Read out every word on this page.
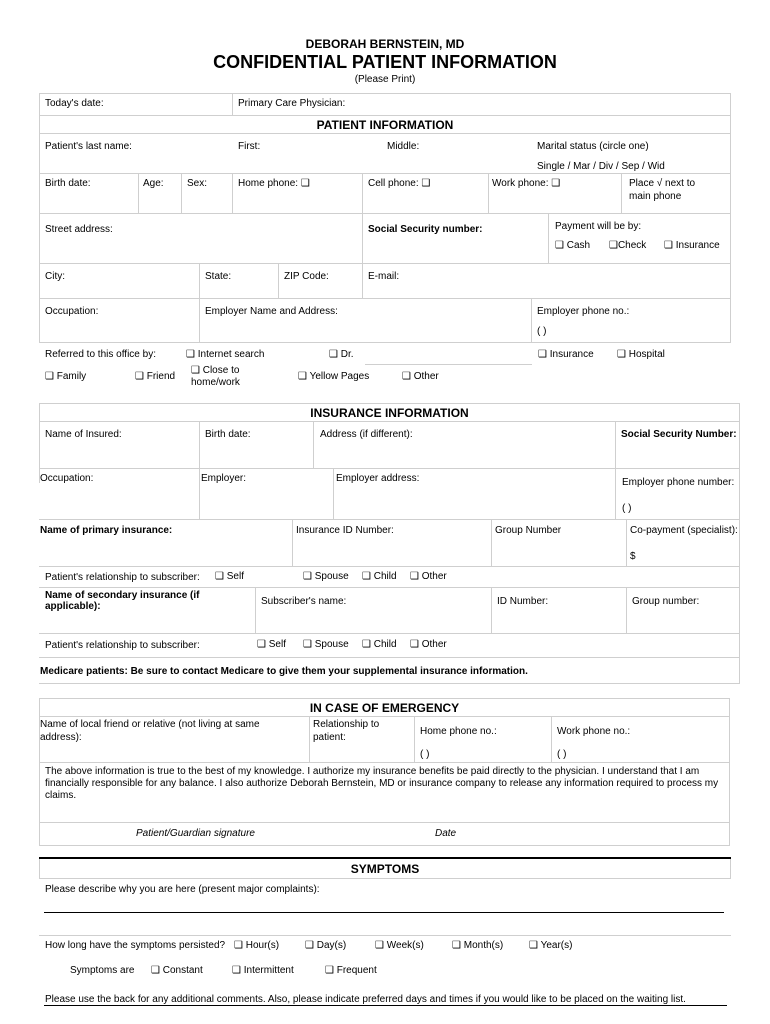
DEBORAH BERNSTEIN, MD
CONFIDENTIAL PATIENT INFORMATION
(Please Print)
Today's date:	Primary Care Physician:
PATIENT INFORMATION
Patient's last name:	First:	Middle:	Marital status (circle one)
Single / Mar / Div / Sep / Wid
Birth date:	Age: Sex:	Home phone: ❑	Cell phone: ❑	Work phone: ❑	Place √ next to
main phone
Street address:	Social Security number:	Payment will be by:
❑ Cash ❑Check ❑ Insurance
City:	State:	ZIP Code:	E-mail:
Occupation:	Employer Name and Address:	Employer phone no.:
( )
Referred to this office by:	❑ Internet search	❑ Dr.	❑ Insurance ❑ Hospital
❑ Family	❑ Friend
❑ Close to
home/work
❑ Yellow Pages	❑ Other
INSURANCE INFORMATION
Name of Insured:	Birth date:	Address (if different):	Social Security Number:
Occupation:	Employer:	Employer address:	Employer phone number:
( )
Name of primary insurance:	Insurance ID Number:	Group Number	Co-payment (specialist):
$
Patient's relationship to subscriber: ❑ Self	❑ Spouse ❑ Child ❑ Other
Name of secondary insurance (if
applicable):	Subscriber's name:	ID Number:	Group number:
Patient's relationship to subscriber:	❑ Self ❑ Spouse ❑ Child ❑ Other
Medicare patients: Be sure to contact Medicare to give them your supplemental insurance information.
IN CASE OF EMERGENCY
Name of local friend or relative (not living at same
address):
Relationship to
patient:
Home phone no.:	Work phone no.:
( )	( )
The above information is true to the best of my knowledge. I authorize my insurance benefits be paid directly to the physician. I understand that I am financially responsible for any balance. I also authorize Deborah Bernstein, MD or insurance company to release any information required to process my claims.
Patient/Guardian signature	Date
SYMPTOMS
Please describe why you are here (present major complaints):
How long have the symptoms persisted? ❑ Hour(s)	❑ Day(s)	❑ Week(s)	❑ Month(s)	❑ Year(s)
Symptoms are ❑ Constant	❑ Intermittent	❑ Frequent
Please use the back for any additional comments. Also, please indicate preferred days and times if you would like to be placed on the waiting list.
